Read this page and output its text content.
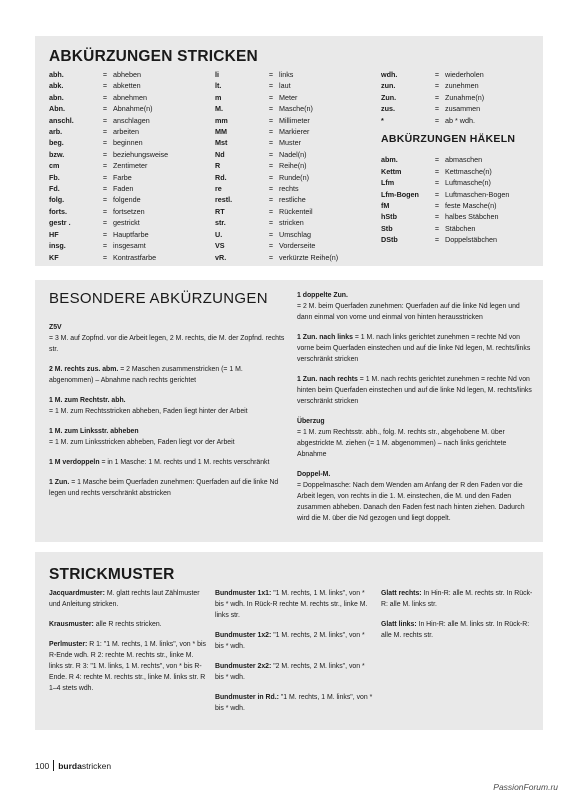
ABKÜRZUNGEN STRICKEN
abh.	= abheben
abk.	= abketten
abn.	= abnehmen
Abn.	= Abnahme(n)
anschl.	= anschlagen
arb.	= arbeiten
beg.	= beginnen
bzw.	= beziehungsweise
cm	= Zentimeter
Fb.	= Farbe
Fd.	= Faden
folg.	= folgende
forts.	= fortsetzen
gestr .	= gestrickt
HF	= Hauptfarbe
insg.	= insgesamt
KF	= Kontrastfarbe
li	= links
lt.	= laut
m	= Meter
M.	= Masche(n)
mm	= Millimeter
MM	= Markierer
Mst	= Muster
Nd	= Nadel(n)
R	= Reihe(n)
Rd.	= Runde(n)
re	= rechts
restl.	= restliche
RT	= Rückenteil
str.	= stricken
U.	= Umschlag
VS	= Vorderseite
vR.	= verkürzte Reihe(n)
wdh.	= wiederholen
zun.	= zunehmen
Zun.	= Zunahme(n)
zus.	= zusammen
*	= ab * wdh.
ABKÜRZUNGEN HÄKELN
abm.	= abmaschen
Kettm	= Kettmasche(n)
Lfm	= Luftmasche(n)
Lfm-Bogen	= Luftmaschen-Bogen
fM	= feste Masche(n)
hStb	= halbes Stäbchen
Stb	= Stäbchen
DStb	= Doppelstäbchen
BESONDERE ABKÜRZUNGEN
Z5V
= 3 M. auf Zopfnd. vor die Arbeit legen, 2 M. rechts, die M. der Zopfnd. rechts str.
2 M. rechts zus. abm. = 2 Maschen zusammenstricken (= 1 M. abgenommen) – Abnahme nach rechts gerichtet
1 M. zum Rechtstr. abh.
= 1 M. zum Rechtsstricken abheben, Faden liegt hinter der Arbeit
1 M. zum Linksstr. abheben
= 1 M. zum Linksstricken abheben, Faden liegt vor der Arbeit
1 M verdoppeln = in 1 Masche: 1 M. rechts und 1 M. rechts verschränkt
1 Zun. = 1 Masche beim Querfaden zunehmen: Querfaden auf die linke Nd legen und rechts verschränkt abstricken
1 doppelte Zun.
= 2 M. beim Querfaden zunehmen: Querfaden auf die linke Nd legen und dann einmal von vorne und einmal von hinten herausstricken
1 Zun. nach links = 1 M. nach links gerichtet zunehmen = rechte Nd von vorne beim Querfaden einstechen und auf die linke Nd legen, M. rechts/links verschränkt stricken
1 Zun. nach rechts = 1 M. nach rechts gerichtet zunehmen = rechte Nd von hinten beim Querfaden einstechen und auf die linke Nd legen, M. rechts/links verschränkt stricken
Überzug
= 1 M. zum Rechtsstr. abh., folg. M. rechts str., abgehobene M. über abgestrickte M. ziehen (= 1 M. abgenommen) – nach links gerichtete Abnahme
Doppel-M.
= Doppelmasche: Nach dem Wenden am Anfang der R den Faden vor die Arbeit legen, von rechts in die 1. M. einstechen, die M. und den Faden zusammen abheben. Danach den Faden fest nach hinten ziehen. Dadurch wird die M. über die Nd gezogen und liegt doppelt.
STRICKMUSTER
Jacquardmuster: M. glatt rechts laut Zählmuster und Anleitung stricken.
Krausmuster: alle R rechts stricken.
Perlmuster: R 1: "1 M. rechts, 1 M. links", von * bis R-Ende wdh. R 2: rechte M. rechts str., linke M. links str. R 3: "1 M. links, 1 M. rechts", von * bis R-Ende. R 4: rechte M. rechts str., linke M. links str. R 1–4 stets wdh.
Bundmuster 1x1: "1 M. rechts, 1 M. links", von * bis * wdh. In Rück-R rechte M. rechts str., linke M. links str.
Bundmuster 1x2: "1 M. rechts, 2 M. links", von * bis * wdh.
Bundmuster 2x2: "2 M. rechts, 2 M. links", von * bis * wdh.
Bundmuster in Rd.: "1 M. rechts, 1 M. links", von * bis * wdh.
Glatt rechts: In Hin-R: alle M. rechts str. In Rück-R: alle M. links str.
Glatt links: In Hin-R: alle M. links str. In Rück-R: alle M. rechts str.
100 burda stricken
PassionForum.ru
